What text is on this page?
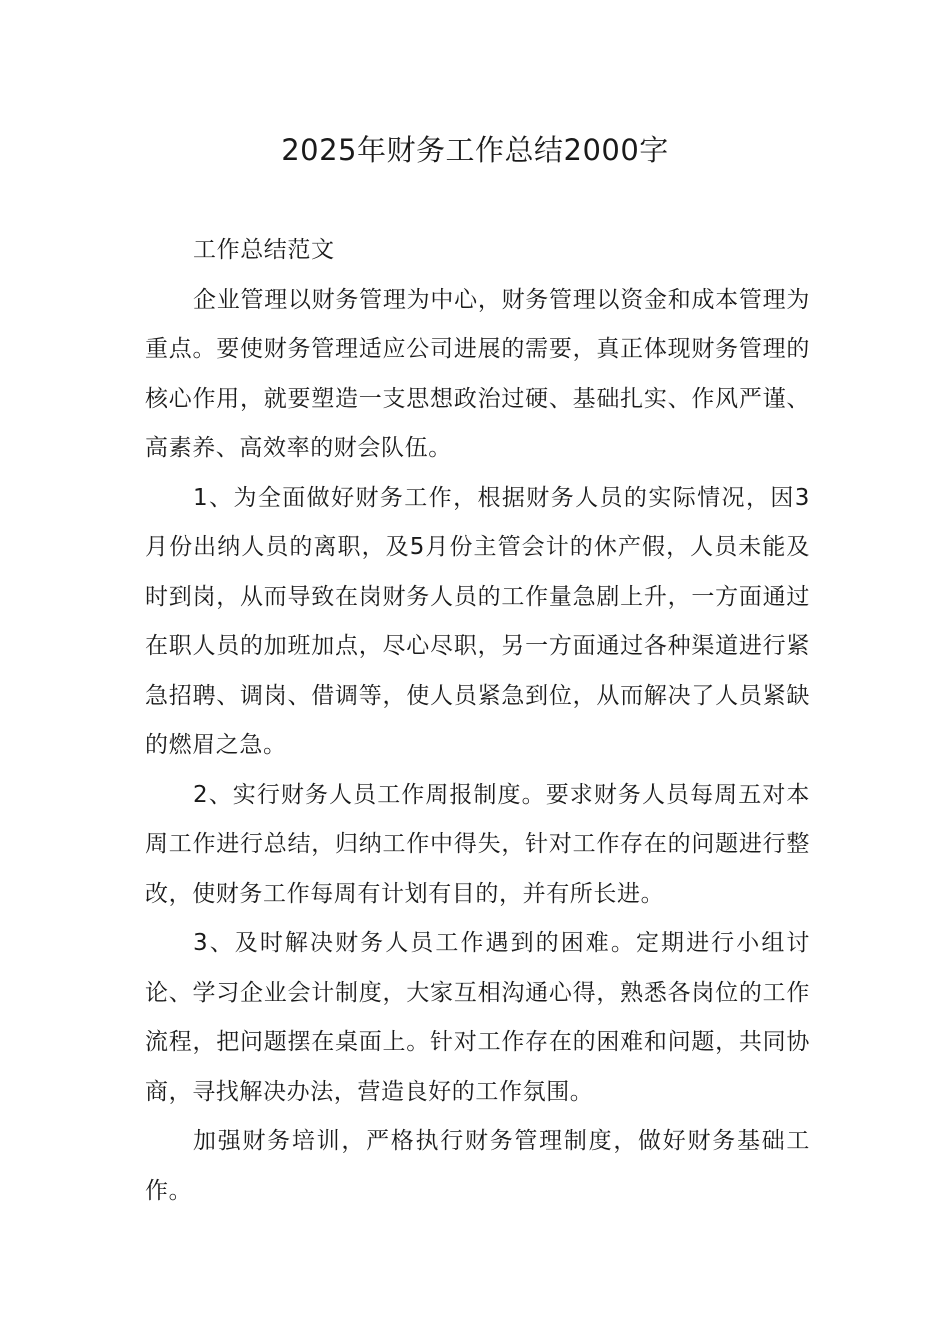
2025年财务工作总结2000字

工作总结范文

企业管理以财务管理为中心，财务管理以资金和成本管理为重点。要使财务管理适应公司进展的需要，真正体现财务管理的核心作用，就要塑造一支思想政治过硬、基础扎实、作风严谨、高素养、高效率的财会队伍。

1、为全面做好财务工作，根据财务人员的实际情况，因3月份出纳人员的离职，及5月份主管会计的休产假，人员未能及时到岗，从而导致在岗财务人员的工作量急剧上升，一方面通过在职人员的加班加点，尽心尽职，另一方面通过各种渠道进行紧急招聘、调岗、借调等，使人员紧急到位，从而解决了人员紧缺的燃眉之急。

2、实行财务人员工作周报制度。要求财务人员每周五对本周工作进行总结，归纳工作中得失，针对工作存在的问题进行整改，使财务工作每周有计划有目的，并有所长进。

3、及时解决财务人员工作遇到的困难。定期进行小组讨论、学习企业会计制度，大家互相沟通心得，熟悉各岗位的工作流程，把问题摆在桌面上。针对工作存在的困难和问题，共同协商，寻找解决办法，营造良好的工作氛围。

加强财务培训，严格执行财务管理制度，做好财务基础工作。
